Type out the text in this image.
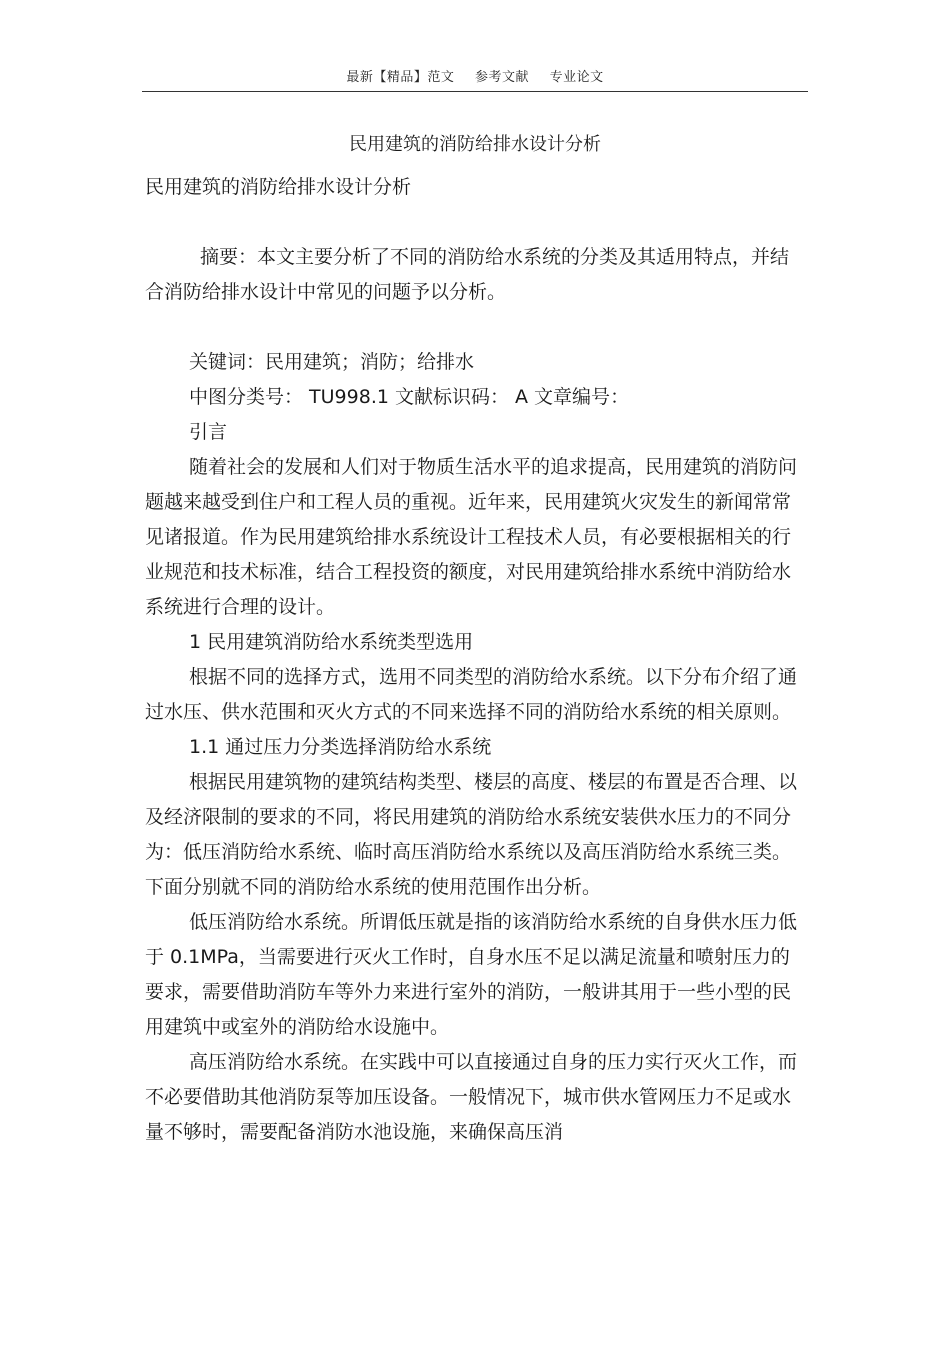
最新【精品】范文 参考文献 专业论文
民用建筑的消防给排水设计分析

民用建筑的消防给排水设计分析

摘要：本文主要分析了不同的消防给水系统的分类及其适用特点，并结合消防给排水设计中常见的问题予以分析。

关键词：民用建筑；消防；给排水

中图分类号： TU998.1 文献标识码： A 文章编号：

引言

随着社会的发展和人们对于物质生活水平的追求提高，民用建筑的消防问题越来越受到住户和工程人员的重视。近年来，民用建筑火灾发生的新闻常常见诸报道。作为民用建筑给排水系统设计工程技术人员，有必要根据相关的行业规范和技术标准，结合工程投资的额度，对民用建筑给排水系统中消防给水系统进行合理的设计。

1 民用建筑消防给水系统类型选用

根据不同的选择方式，选用不同类型的消防给水系统。以下分布介绍了通过水压、供水范围和灭火方式的不同来选择不同的消防给水系统的相关原则。

1.1 通过压力分类选择消防给水系统

根据民用建筑物的建筑结构类型、楼层的高度、楼层的布置是否合理、以及经济限制的要求的不同，将民用建筑的消防给水系统安装供水压力的不同分为：低压消防给水系统、临时高压消防给水系统以及高压消防给水系统三类。下面分别就不同的消防给水系统的使用范围作出分析。

低压消防给水系统。所谓低压就是指的该消防给水系统的自身供水压力低于 0.1MPa，当需要进行灭火工作时，自身水压不足以满足流量和喷射压力的要求，需要借助消防车等外力来进行室外的消防，一般讲其用于一些小型的民用建筑中或室外的消防给水设施中。

高压消防给水系统。在实践中可以直接通过自身的压力实行灭火工作，而不必要借助其他消防泵等加压设备。一般情况下，城市供水管网压力不足或水量不够时，需要配备消防水池设施，来确保高压消
